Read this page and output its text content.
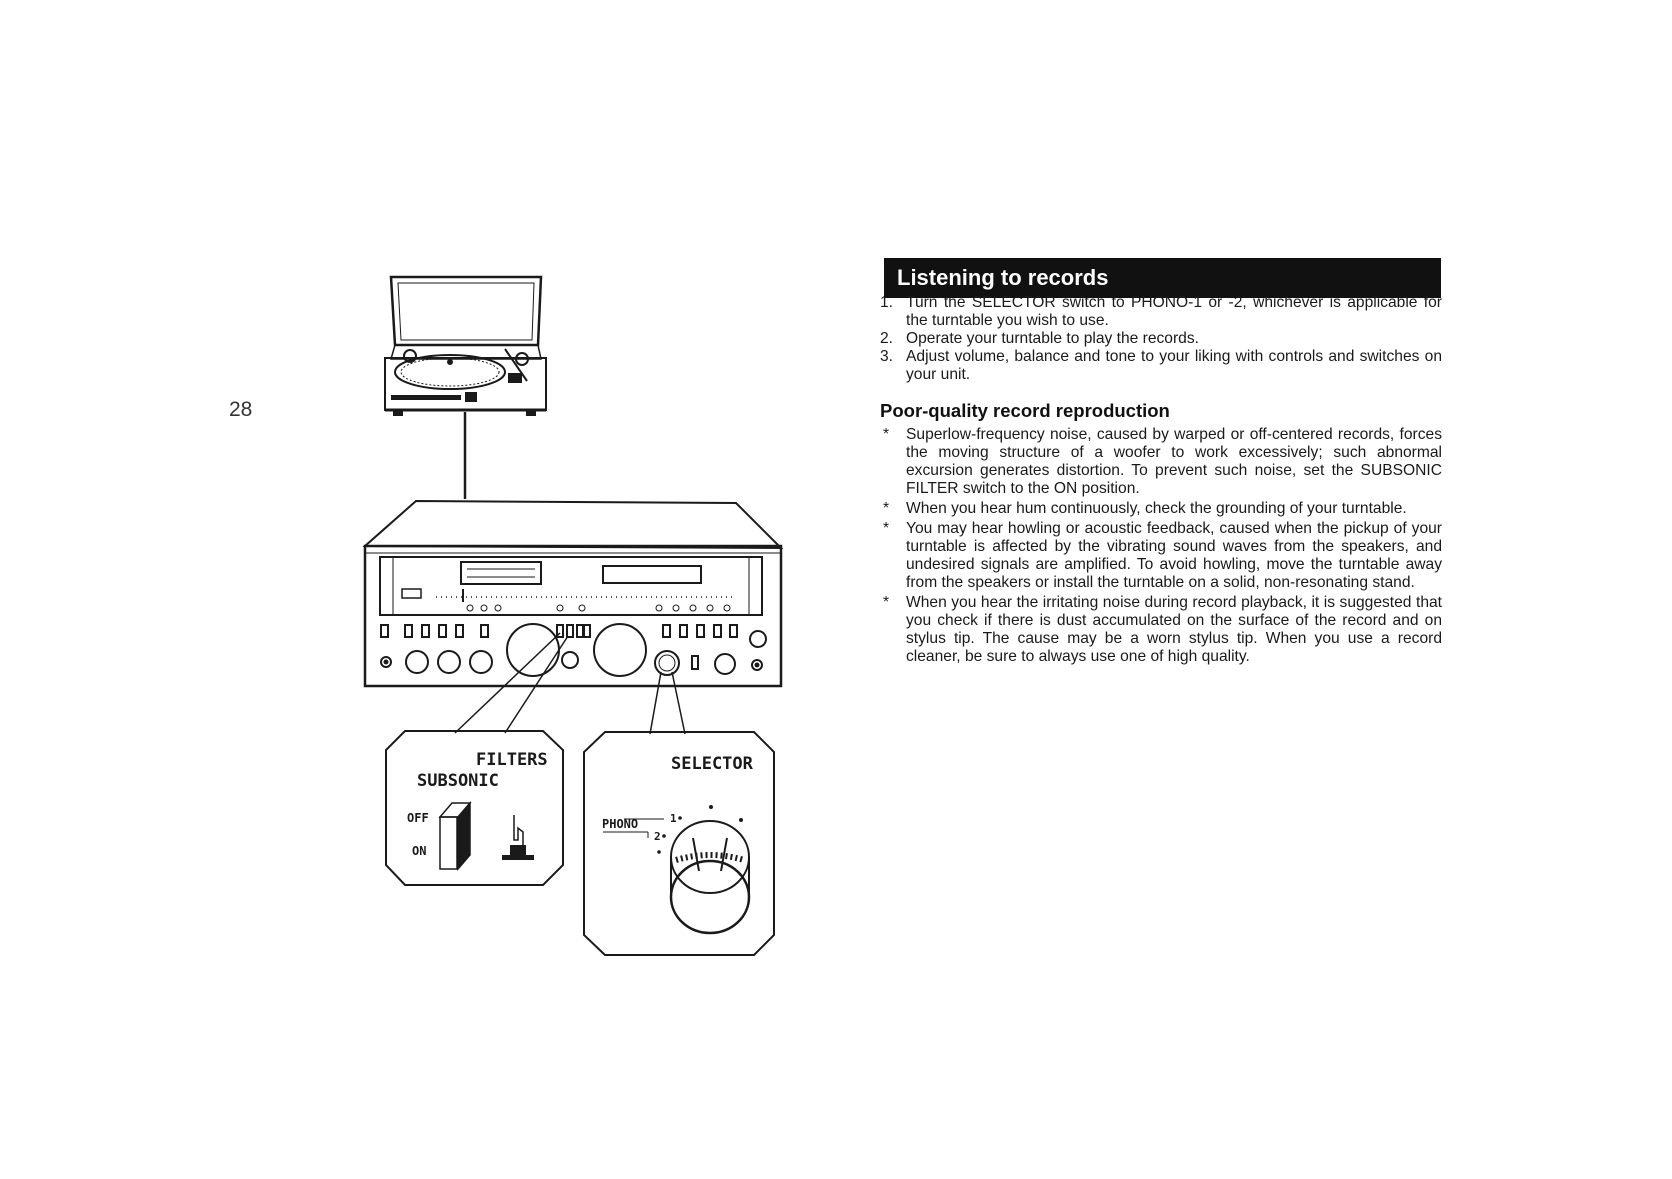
28
FILTERS
SUBSONIC
OFF
ON
SELECTOR
PHONO	1
2
Listening to records
1. Turn the SELECTOR switch to PHONO-1 or -2, whichever is applicable for the turntable you wish to use.
2. Operate your turntable to play the records.
3. Adjust volume, balance and tone to your liking with controls and switches on your unit.
Poor-quality record reproduction
* Superlow-frequency noise, caused by warped or off-centered records, forces the moving structure of a woofer to work excessively; such abnormal excursion generates distortion. To prevent such noise, set the SUBSONIC FILTER switch to the ON position.
* When you hear hum continuously, check the grounding of your turntable.
* You may hear howling or acoustic feedback, caused when the pickup of your turntable is affected by the vibrating sound waves from the speakers, and undesired signals are amplified. To avoid howling, move the turntable away from the speakers or install the turntable on a solid, non-resonating stand.
* When you hear the irritating noise during record playback, it is suggested that you check if there is dust accumulated on the surface of the record and on stylus tip. The cause may be a worn stylus tip. When you use a record cleaner, be sure to always use one of high quality.
